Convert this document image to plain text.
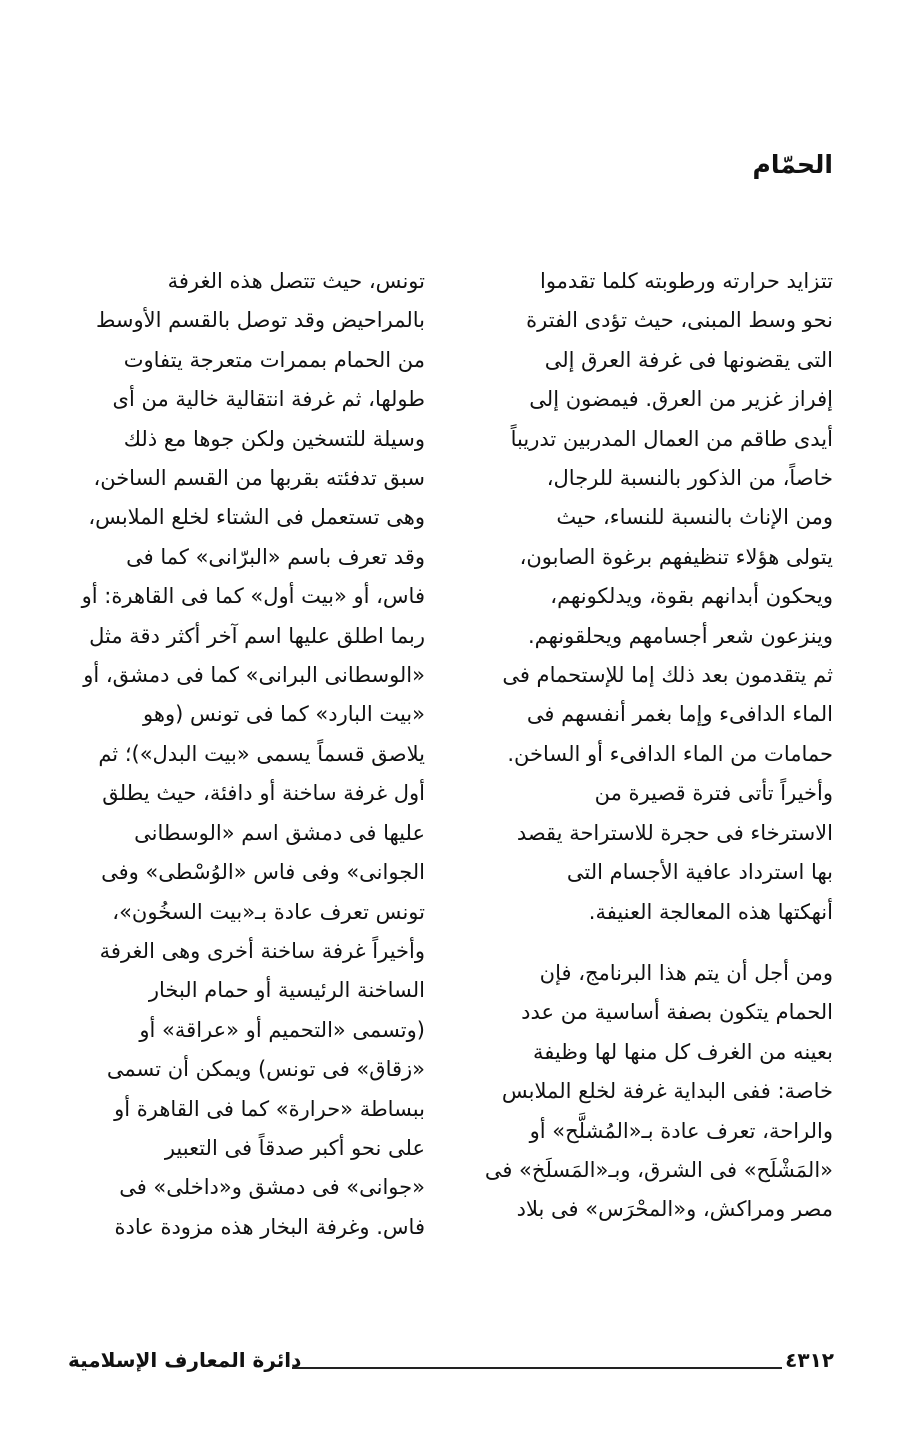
الحمّام
تتزايد حرارته ورطوبته كلما تقدموا
نحو وسط المبنى، حيث تؤدى الفترة
التى يقضونها فى غرفة العرق إلى
إفراز غزير من العرق. فيمضون إلى
أيدى طاقم من العمال المدربين تدريباً
خاصاً، من الذكور بالنسبة للرجال،
ومن الإناث بالنسبة للنساء، حيث
يتولى هؤلاء تنظيفهم برغوة الصابون،
ويحكون أبدانهم بقوة، ويدلكونهم،
وينزعون شعر أجسامهم ويحلقونهم.
ثم يتقدمون بعد ذلك إما للإستحمام فى
الماء الدافىء وإما بغمر أنفسهم فى
حمامات من الماء الدافىء أو الساخن.
وأخيراً تأتى فترة قصيرة من
الاسترخاء فى حجرة للاستراحة يقصد
بها استرداد عافية الأجسام التى
أنهكتها هذه المعالجة العنيفة.
ومن أجل أن يتم هذا البرنامج، فإن
الحمام يتكون بصفة أساسية من عدد
بعينه من الغرف كل منها لها وظيفة
خاصة: ففى البداية غرفة لخلع الملابس
والراحة، تعرف عادة بـ«المُشلَّح» أو
«المَشْلَح» فى الشرق، وبـ«المَسلَخ» فى
مصر ومراكش، و«المحْرَس» فى بلاد
تونس، حيث تتصل هذه الغرفة
بالمراحيض وقد توصل بالقسم الأوسط
من الحمام بممرات متعرجة يتفاوت
طولها، ثم غرفة انتقالية خالية من أى
وسيلة للتسخين ولكن جوها مع ذلك
سبق تدفئته بقربها من القسم الساخن،
وهى تستعمل فى الشتاء لخلع الملابس،
وقد تعرف باسم «البرّانى» كما فى
فاس، أو «بيت أول» كما فى القاهرة: أو
ربما اطلق عليها اسم آخر أكثر دقة مثل
«الوسطانى البرانى» كما فى دمشق، أو
«بيت البارد» كما فى تونس (وهو
يلاصق قسماً يسمى «بيت البدل»)؛ ثم
أول غرفة ساخنة أو دافئة، حيث يطلق
عليها فى دمشق اسم «الوسطانى
الجوانى» وفى فاس «الوُسْطى» وفى
تونس تعرف عادة بـ«بيت السخُون»،
وأخيراً غرفة ساخنة أخرى وهى الغرفة
الساخنة الرئيسية أو حمام البخار
(وتسمى «التحميم أو «عراقة» أو
«زقاق» فى تونس) ويمكن أن تسمى
ببساطة «حرارة» كما فى القاهرة أو
على نحو أكبر صدقاً فى التعبير
«جوانى» فى دمشق و«داخلى» فى
فاس. وغرفة البخار هذه مزودة عادة
٤٣١٢
دائرة المعارف الإسلامية
